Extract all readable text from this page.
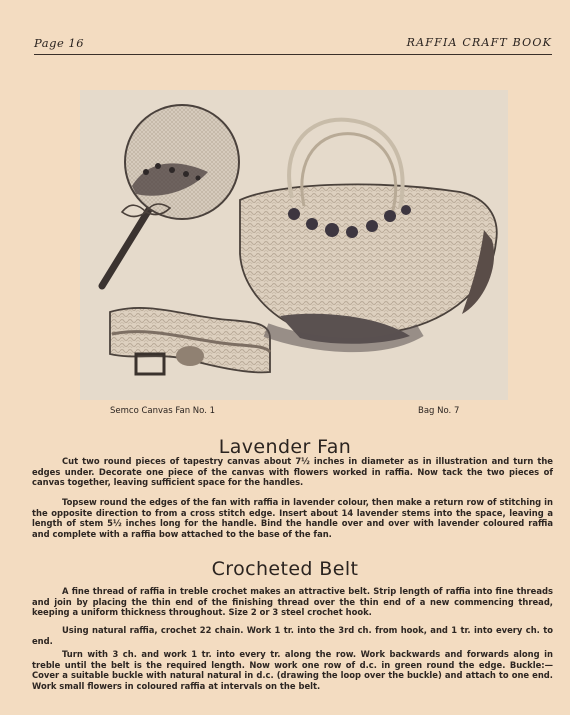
Page 16	RAFFIA CRAFT BOOK
Semco Canvas Fan No. 1	Bag No. 7
Lavender Fan

Cut two round pieces of tapestry canvas about 7½ inches in diameter as in illustration and turn the edges under. Decorate one piece of the canvas with flowers worked in raffia. Now tack the two pieces of canvas together, leaving sufficient space for the handles.

Topsew round the edges of the fan with raffia in lavender colour, then make a return row of stitching in the opposite direction to from a cross stitch edge. Insert about 14 lavender stems into the space, leaving a length of stem 5½ inches long for the handle. Bind the handle over and over with lavender coloured raffia and complete with a raffia bow attached to the base of the fan.

Crocheted Belt

A fine thread of raffia in treble crochet makes an attractive belt. Strip length of raffia into fine threads and join by placing the thin end of the finishing thread over the thin end of a new commencing thread, keeping a uniform thickness throughout. Size 2 or 3 steel crochet hook.

Using natural raffia, crochet 22 chain. Work 1 tr. into the 3rd ch. from hook, and 1 tr. into every ch. to end.

Turn with 3 ch. and work 1 tr. into every tr. along the row. Work backwards and forwards along in treble until the belt is the required length. Now work one row of d.c. in green round the edge. Buckle:— Cover a suitable buckle with natural natural in d.c. (drawing the loop over the buckle) and attach to one end. Work small flowers in coloured raffia at intervals on the belt.
